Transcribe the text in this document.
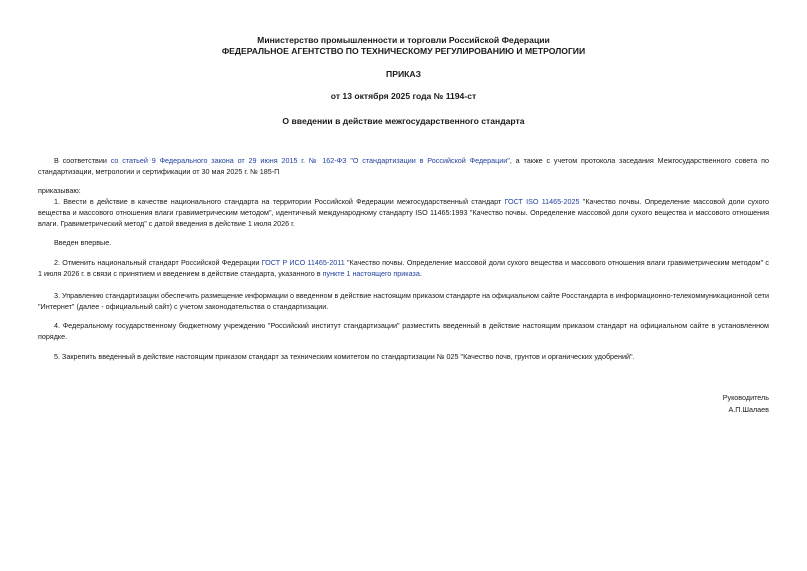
Министерство промышленности и торговли Российской Федерации
ФЕДЕРАЛЬНОЕ АГЕНТСТВО ПО ТЕХНИЧЕСКОМУ РЕГУЛИРОВАНИЮ И МЕТРОЛОГИИ
ПРИКАЗ
от 13 октября 2025 года № 1194-ст
О введении в действие межгосударственного стандарта
В соответствии со статьей 9 Федерального закона от 29 июня 2015 г. № 162-ФЗ "О стандартизации в Российской Федерации", а также с учетом протокола заседания Межгосударственного совета по стандартизации, метрологии и сертификации от 30 мая 2025 г. № 185-П
приказываю:
1. Ввести в действие в качестве национального стандарта на территории Российской Федерации межгосударственный стандарт ГОСТ ISO 11465-2025 "Качество почвы. Определение массовой доли сухого вещества и массового отношения влаги гравиметрическим методом", идентичный международному стандарту ISO 11465:1993 "Качество почвы. Определение массовой доли сухого вещества и массового отношения влаги. Гравиметрический метод" с датой введения в действие 1 июля 2026 г.
Введен впервые.
2. Отменить национальный стандарт Российской Федерации ГОСТ Р ИСО 11465-2011 "Качество почвы. Определение массовой доли сухого вещества и массового отношения влаги гравиметрическим методом" с 1 июля 2026 г. в связи с принятием и введением в действие стандарта, указанного в пункте 1 настоящего приказа.
3. Управлению стандартизации обеспечить размещение информации о введенном в действие настоящим приказом стандарте на официальном сайте Росстандарта в информационно-телекоммуникационной сети "Интернет" (далее - официальный сайт) с учетом законодательства о стандартизации.
4. Федеральному государственному бюджетному учреждению "Российский институт стандартизации" разместить введенный в действие настоящим приказом стандарт на официальном сайте в установленном порядке.
5. Закрепить введенный в действие настоящим приказом стандарт за техническим комитетом по стандартизации № 025 "Качество почв, грунтов и органических удобрений".
Руководитель
А.П.Шалаев
